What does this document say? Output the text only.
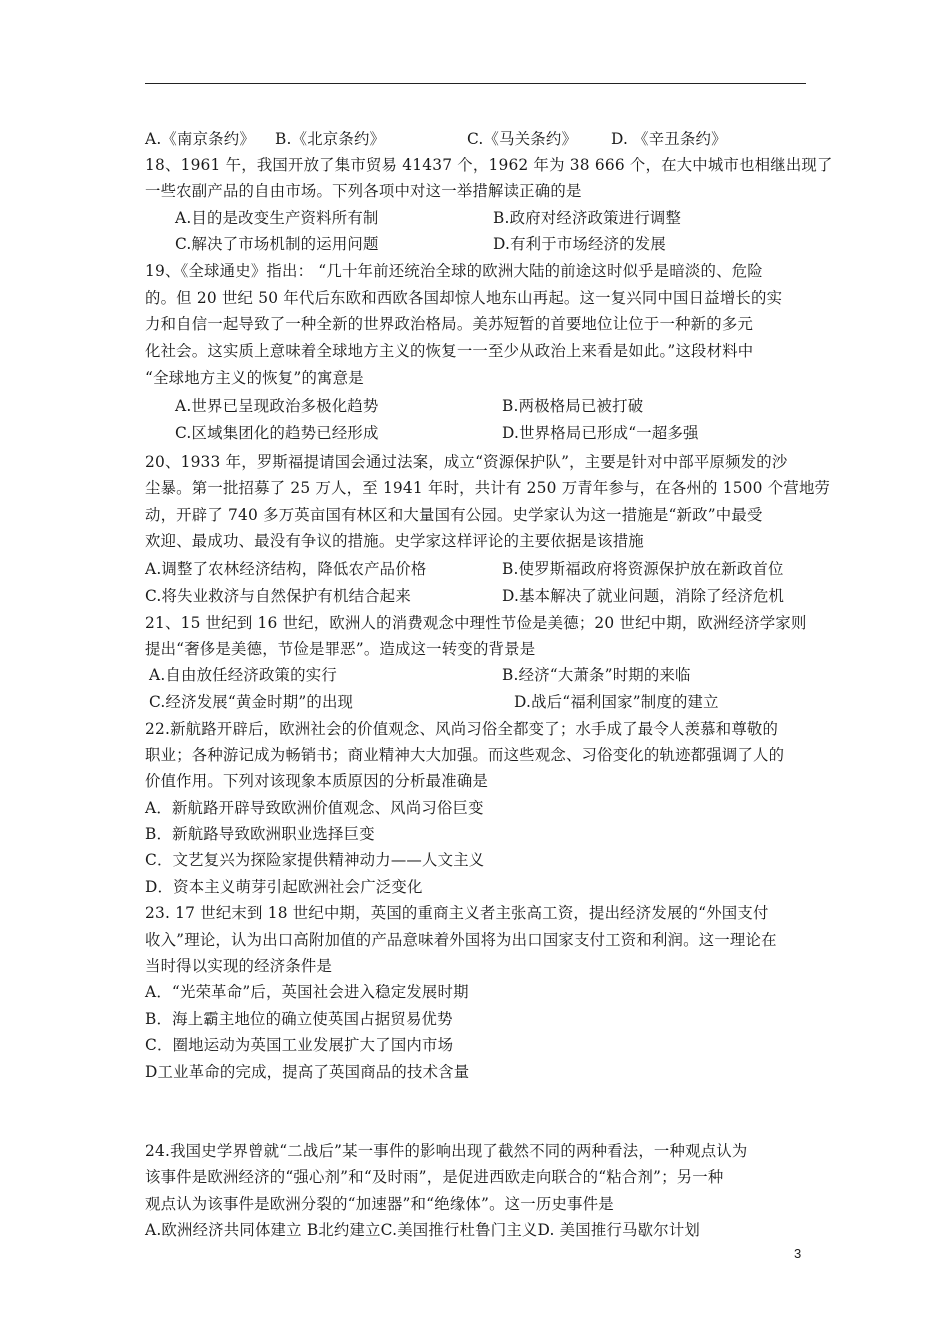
A.《南京条约》 B.《北京条约》	C.《马关条约》 D. 《辛丑条约》
18、1961 午，我国开放了集市贸易 41437 个，1962 年为 38 666 个，在大中城市也相继出现了
一些农副产品的自由市场。下列各项中对这一举措解读正确的是
A.目的是改变生产资料所有制	B.政府对经济政策进行调整
C.解决了市场机制的运用问题	D.有利于市场经济的发展
19、《全球通史》指出： “几十年前还统治全球的欧洲大陆的前途这时似乎是暗淡的、危险
的。但 20 世纪 50 年代后东欧和西欧各国却惊人地东山再起。这一复兴同中国日益增长的实
力和自信一起导致了一种全新的世界政治格局。美苏短暂的首要地位让位于一种新的多元
化社会。这实质上意味着全球地方主义的恢复一一至少从政治上来看是如此。”这段材料中
“全球地方主义的恢复”的寓意是
A.世界已呈现政治多极化趋势	B.两极格局已被打破
C.区域集团化的趋势已经形成	D.世界格局已形成“一超多强
20、1933 年，罗斯福提请国会通过法案，成立“资源保护队”，主要是针对中部平原频发的沙
尘暴。第一批招募了 25 万人，至 1941 年时，共计有 250 万青年参与，在各州的 1500 个营地劳
动，开辟了 740 多万英亩国有林区和大量国有公园。史学家认为这一措施是“新政”中最受
欢迎、最成功、最没有争议的措施。史学家这样评论的主要依据是该措施
A.调整了农林经济结构，降低农产品价格	B.使罗斯福政府将资源保护放在新政首位
C.将失业救济与自然保护有机结合起来	D.基本解决了就业问题，消除了经济危机
21、15 世纪到 16 世纪，欧洲人的消费观念中理性节俭是美德；20 世纪中期，欧洲经济学家则
提出“奢侈是美德，节俭是罪恶”。造成这一转变的背景是
A.自由放任经济政策的实行	B.经济“大萧条”时期的来临
C.经济发展“黄金时期”的出现	D.战后“福利国家”制度的建立
22.新航路开辟后，欧洲社会的价值观念、风尚习俗全都变了；水手成了最令人羡慕和尊敬的
职业；各种游记成为畅销书；商业精神大大加强。而这些观念、习俗变化的轨迹都强调了人的
价值作用。下列对该现象本质原因的分析最准确是
A．新航路开辟导致欧洲价值观念、风尚习俗巨变
B．新航路导致欧洲职业选择巨变
C．文艺复兴为探险家提供精神动力——人文主义
D．资本主义萌芽引起欧洲社会广泛变化
23. 17 世纪末到 18 世纪中期，英国的重商主义者主张高工资，提出经济发展的“外国支付
收入”理论，认为出口高附加值的产品意味着外国将为出口国家支付工资和利润。这一理论在
当时得以实现的经济条件是
A．“光荣革命”后，英国社会进入稳定发展时期
B．海上霸主地位的确立使英国占据贸易优势
C．圈地运动为英国工业发展扩大了国内市场
D工业革命的完成，提高了英国商品的技术含量
24.我国史学界曾就“二战后”某一事件的影响出现了截然不同的两种看法，一种观点认为
该事件是欧洲经济的“强心剂”和“及时雨”，是促进西欧走向联合的“粘合剂”；另一种
观点认为该事件是欧洲分裂的“加速器”和“绝缘体”。这一历史事件是
A.欧洲经济共同体建立 B北约建立C.美国推行杜鲁门主义D. 美国推行马歇尔计划
3
